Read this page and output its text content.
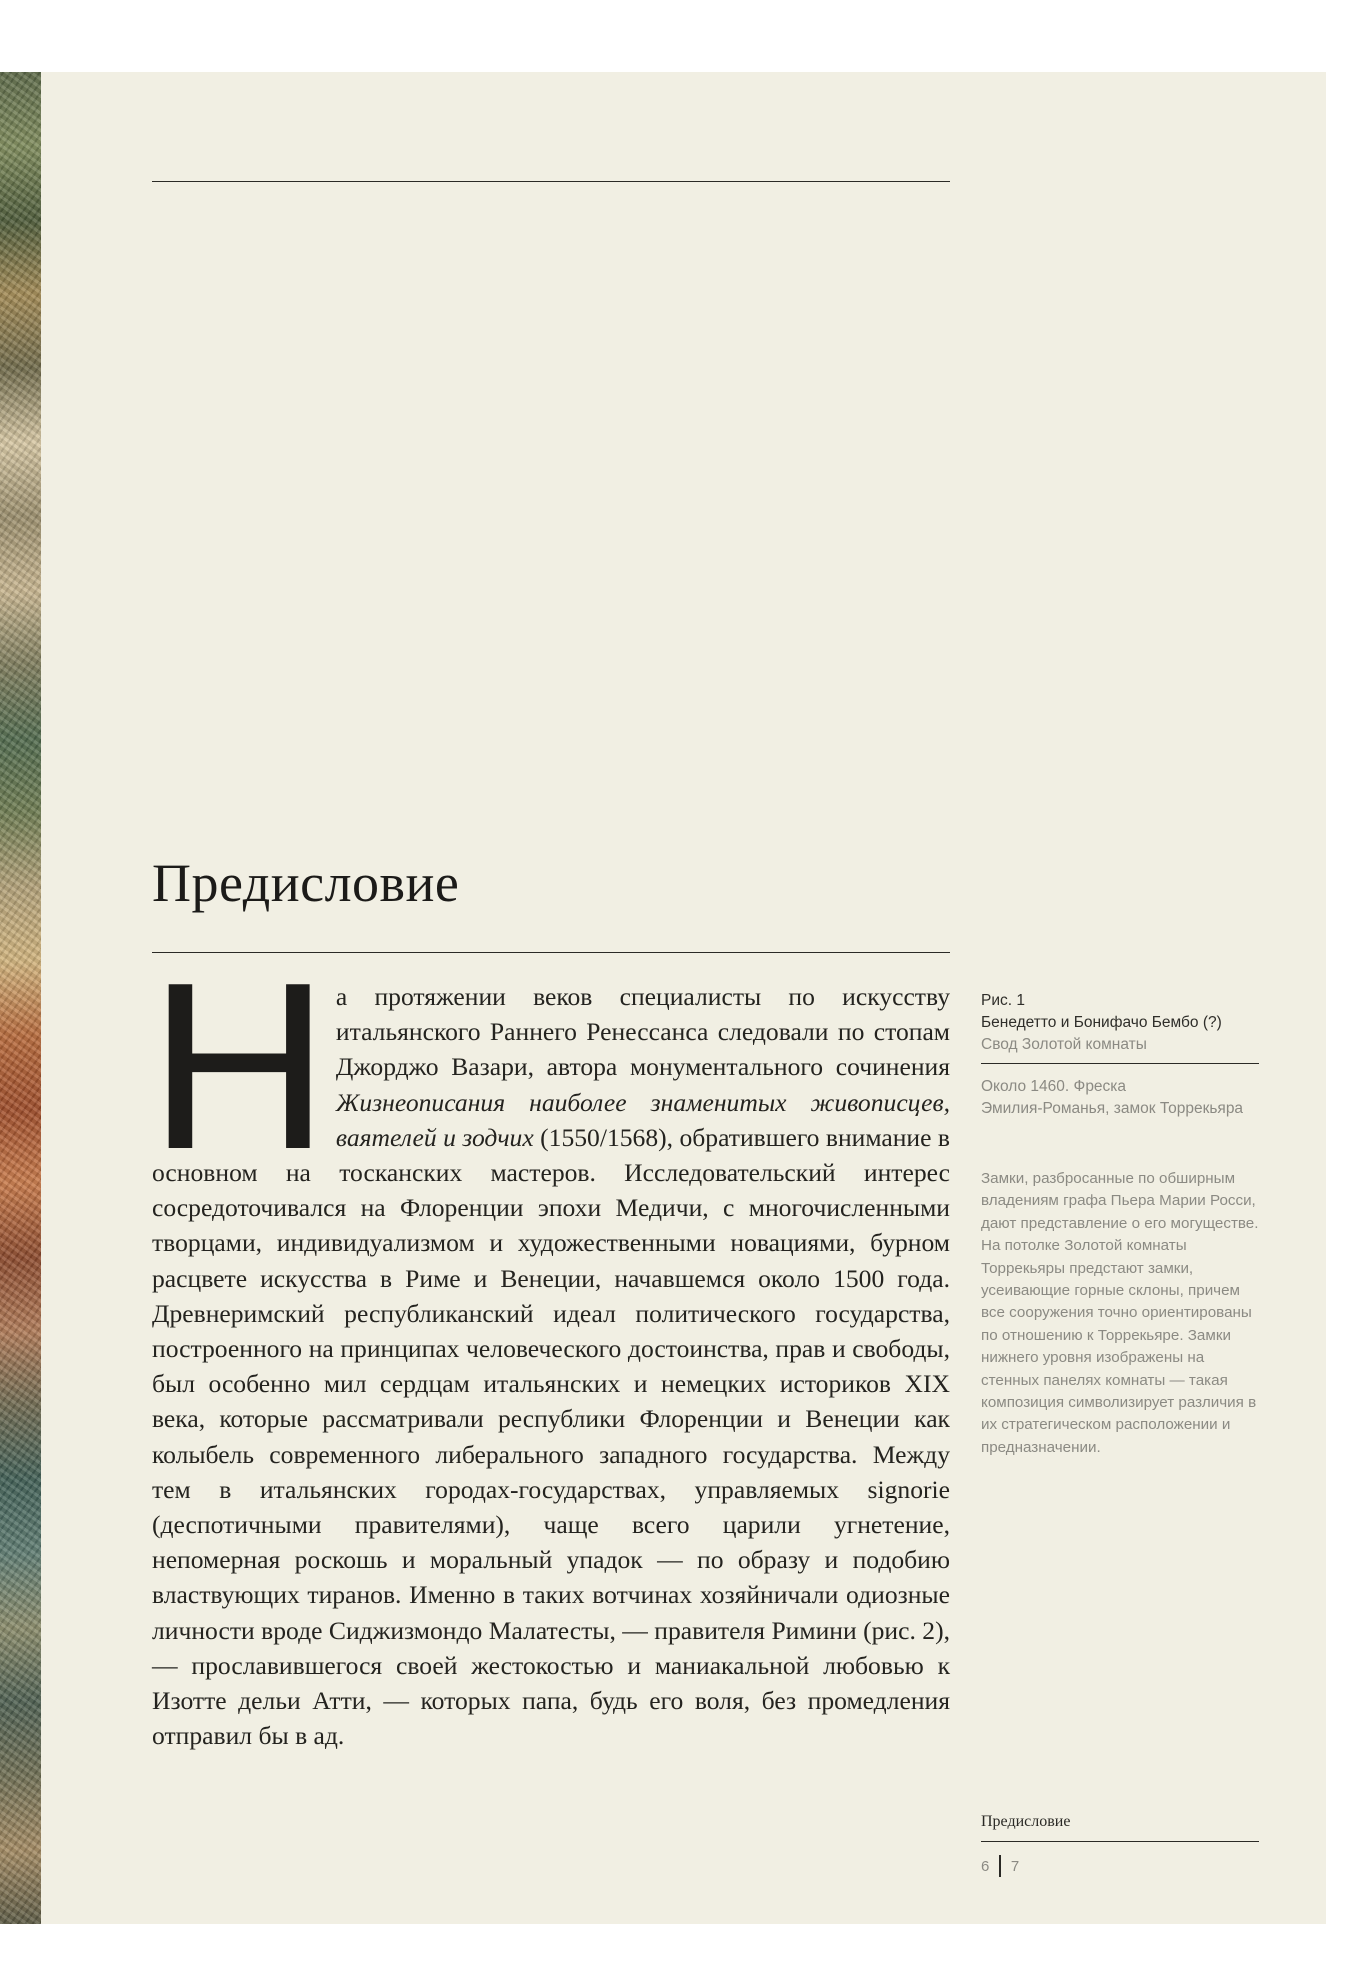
Предисловие

На протяжении веков специалисты по искусству итальянского Раннего Ренессанса следовали по стопам Джорджо Вазари, автора монументального сочинения Жизнеописания наиболее знаменитых живописцев, ваятелей и зодчих (1550/1568), обратившего внимание в основном на тосканских мастеров. Исследовательский интерес сосредоточивался на Флоренции эпохи Медичи, с многочисленными творцами, индивидуализмом и художественными новациями, бурном расцвете искусства в Риме и Венеции, начавшемся около 1500 года. Древнеримский республиканский идеал политического государства, построенного на принципах человеческого достоинства, прав и свободы, был особенно мил сердцам итальянских и немецких историков XIX века, которые рассматривали республики Флоренции и Венеции как колыбель современного либерального западного государства. Между тем в итальянских городах-государствах, управляемых signorie (деспотичными правителями), чаще всего царили угнетение, непомерная роскошь и моральный упадок — по образу и подобию властвующих тиранов. Именно в таких вотчинах хозяйничали одиозные личности вроде Сиджизмондо Малатесты, — правителя Римини (рис. 2), — прославившегося своей жестокостью и маниакальной любовью к Изотте дельи Атти, — которых папа, будь его воля, без промедления отправил бы в ад.

Рис. 1
Бенедетто и Бонифачо Бембо (?)
Свод Золотой комнаты

Около 1460. Фреска

Эмилия-Романья, замок Торрекьяра

Замки, разбросанные по обширным владениям графа Пьера Марии Росси, дают представление о его могуществе. На потолке Золотой комнаты Торрекьяры предстают замки, усеивающие горные склоны, причем все сооружения точно ориентированы по отношению к Торрекьяре. Замки нижнего уровня изображены на стенных панелях комнаты — такая композиция символизирует различия в их стратегическом расположении и предназначении.

Предисловие
6 7
